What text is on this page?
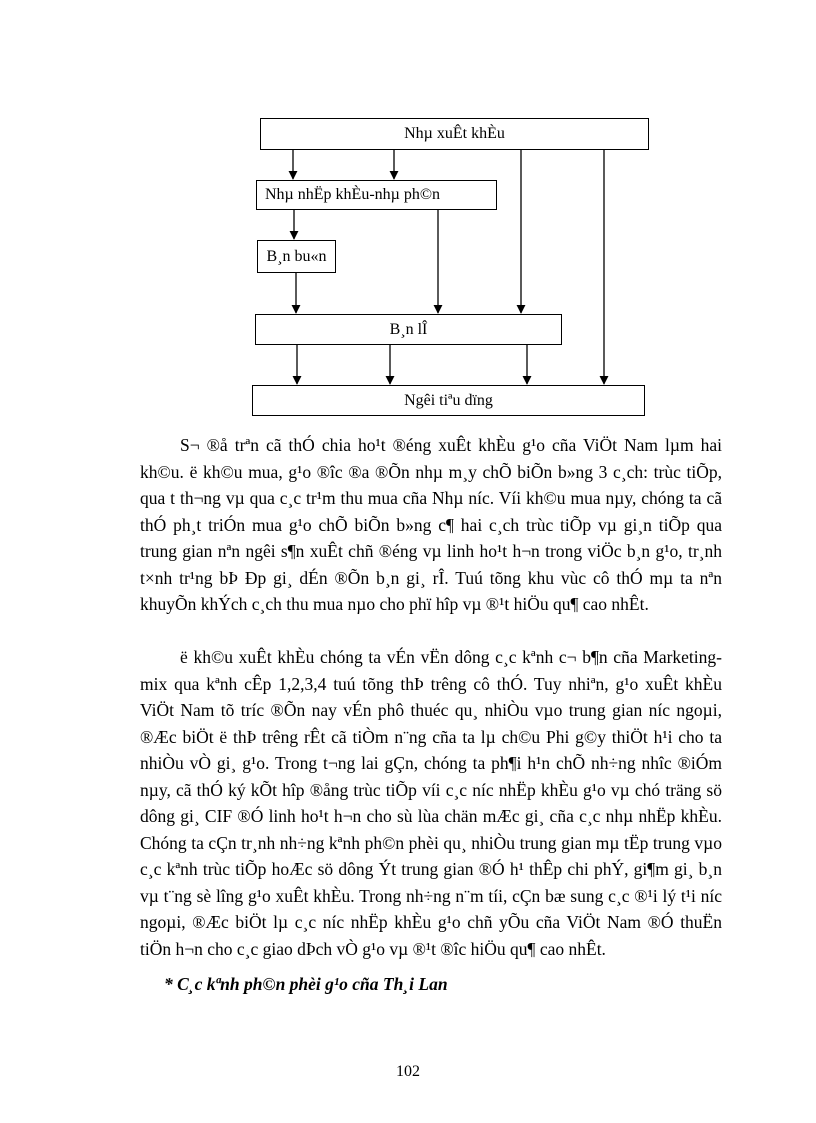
Nhµ xuÊt khÈu
Nhµ nhËp khÈu-nhµ ph©n
B¸n bu«n
B¸n lÎ
Ngêi tiªu dïng

S¬ ®å trªn cã thÓ chia ho¹t ®éng xuÊt khÈu g¹o cña ViÖt Nam lµm hai kh©u. ë kh©u mua, g¹o ®îc ®a ®Õn nhµ m¸y chÕ biÕn b»ng 3 c¸ch: trùc tiÕp, qua t th¬ng vµ qua c¸c tr¹m thu mua cña Nhµ níc. Víi kh©u mua nµy, chóng ta cã thÓ ph¸t triÓn mua g¹o chÕ biÕn b»ng c¶ hai c¸ch trùc tiÕp vµ gi¸n tiÕp qua trung gian nªn ngêi s¶n xuÊt chñ ®éng vµ linh ho¹t h¬n trong viÖc b¸n g¹o, tr¸nh t×nh tr¹ng bÞ Ðp gi¸ dÉn ®Õn b¸n gi¸ rÎ. Tuú tõng khu vùc cô thÓ mµ ta nªn khuyÕn khÝch c¸ch thu mua nµo cho phï hîp vµ ®¹t hiÖu qu¶ cao nhÊt.

ë kh©u xuÊt khÈu chóng ta vÉn vËn dông c¸c kªnh c¬ b¶n cña Marketing-mix qua kªnh cÊp 1,2,3,4 tuú tõng thÞ trêng cô thÓ. Tuy nhiªn, g¹o xuÊt khÈu ViÖt Nam tõ tríc ®Õn nay vÉn phô thuéc qu¸ nhiÒu vµo trung gian níc ngoµi, ®Æc biÖt ë thÞ trêng rÊt cã tiÒm n¨ng cña ta lµ ch©u Phi g©y thiÖt h¹i cho ta nhiÒu vÒ gi¸ g¹o. Trong t¬ng lai gÇn, chóng ta ph¶i h¹n chÕ nh÷ng nhîc ®iÓm nµy, cã thÓ ký kÕt hîp ®ång trùc tiÕp víi c¸c níc nhËp khÈu g¹o vµ chó träng sö dông gi¸ CIF ®Ó linh ho¹t h¬n cho sù lùa chän mÆc gi¸ cña c¸c nhµ nhËp khÈu. Chóng ta cÇn tr¸nh nh÷ng kªnh ph©n phèi qu¸ nhiÒu trung gian mµ tËp trung vµo c¸c kªnh trùc tiÕp hoÆc sö dông Ýt trung gian ®Ó h¹ thÊp chi phÝ, gi¶m gi¸ b¸n vµ t¨ng sè lîng g¹o xuÊt khÈu. Trong nh÷ng n¨m tíi, cÇn bæ sung c¸c ®¹i lý t¹i níc ngoµi, ®Æc biÖt lµ c¸c níc nhËp khÈu g¹o chñ yÕu cña ViÖt Nam ®Ó thuËn tiÖn h¬n cho c¸c giao dÞch vÒ g¹o vµ ®¹t ®îc hiÖu qu¶ cao nhÊt.

* C¸c kªnh ph©n phèi g¹o cña Th¸i Lan

102
